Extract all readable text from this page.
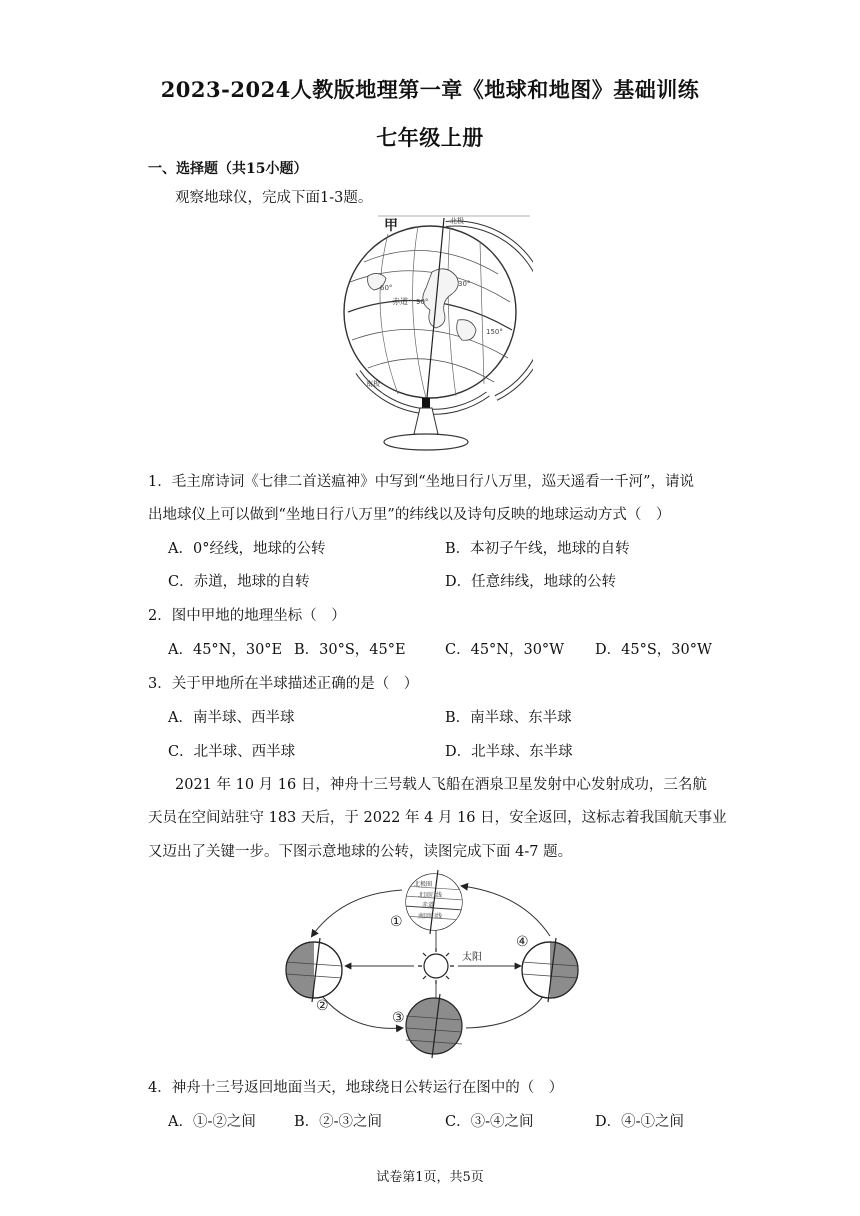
2023-2024人教版地理第一章《地球和地图》基础训练
七年级上册
一、选择题（共15小题）
观察地球仪，完成下面1-3题。
甲	北极
南极
赤道
30°
60°
90°
150°
1．毛主席诗词《七律二首送瘟神》中写到“坐地日行八万里，巡天遥看一千河”，请说
出地球仪上可以做到“坐地日行八万里”的纬线以及诗句反映的地球运动方式（　）
A．0°经线，地球的公转	B．本初子午线，地球的自转
C．赤道，地球的自转	D．任意纬线，地球的公转
2．图中甲地的地理坐标（　）
A．45°N，30°E B．30°S，45°E	C．45°N，30°W D．45°S，30°W
3．关于甲地所在半球描述正确的是（　）
A．南半球、西半球	B．南半球、东半球
C．北半球、西半球	D．北半球、东半球
2021 年 10 月 16 日，神舟十三号载人飞船在酒泉卫星发射中心发射成功，三名航
天员在空间站驻守 183 天后，于 2022 年 4 月 16 日，安全返回，这标志着我国航天事业
又迈出了关键一步。下图示意地球的公转，读图完成下面 4-7 题。
太阳
北极圈
北回归线
赤道
南回归线
①
②
③
④
4．神舟十三号返回地面当天，地球绕日公转运行在图中的（　）
A．①-②之间	B．②-③之间	C．③-④之间	D．④-①之间
试卷第1页，共5页
